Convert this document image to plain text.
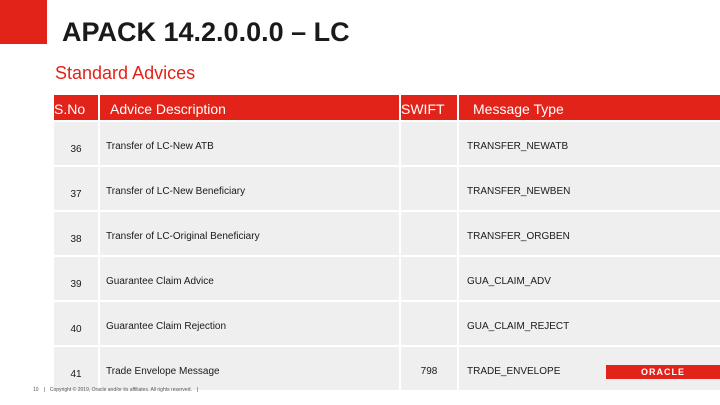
APACK 14.2.0.0.0 – LC
Standard Advices
S.No	Advice Description	SWIFT	Message Type

36	Transfer of LC-New ATB		TRANSFER_NEWATB

37	Transfer of LC-New Beneficiary		TRANSFER_NEWBEN

38	Transfer of LC-Original Beneficiary		TRANSFER_ORGBEN

39	Guarantee Claim Advice		GUA_CLAIM_ADV

40	Guarantee Claim Rejection		GUA_CLAIM_REJECT

41	Trade Envelope Message	798	TRADE_ENVELOPE
10 | Copyright © 2019, Oracle and/or its affiliates. All rights reserved. |
ORACLE
